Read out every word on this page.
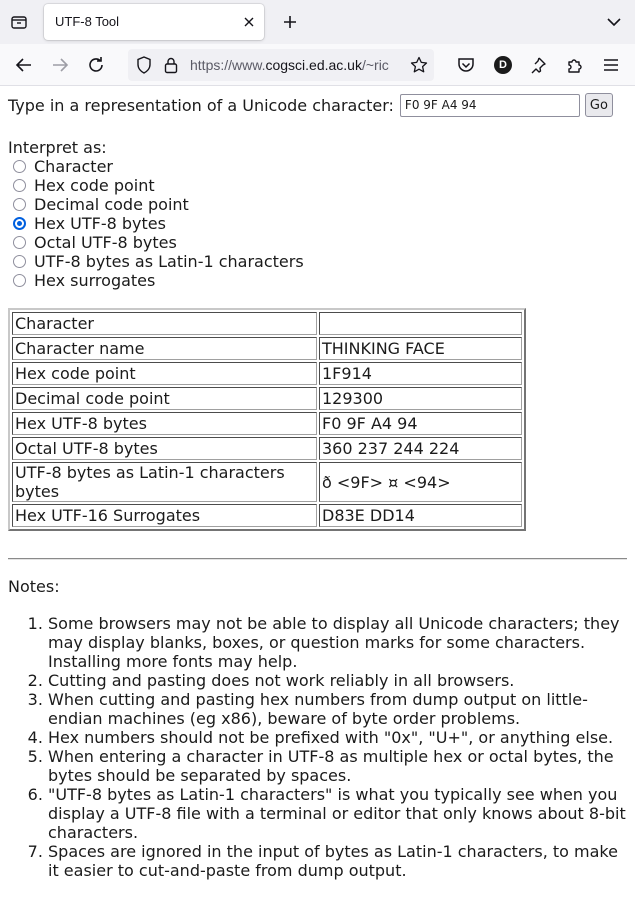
UTF-8 Tool
https://www.cogsci.ed.ac.uk/~ric	D
Type in a representation of a Unicode character:
F0 9F A4 94	Go
Interpret as:
Character
Hex code point
Decimal code point
Hex UTF-8 bytes
Octal UTF-8 bytes
UTF-8 bytes as Latin-1 characters
Hex surrogates
Character	
Character name	THINKING FACE
Hex code point	1F914
Decimal code point	129300
Hex UTF-8 bytes	F0 9F A4 94
Octal UTF-8 bytes	360 237 244 224
UTF-8 bytes as Latin-1 characters bytes	ð <9F> ¤ <94>
Hex UTF-16 Surrogates	D83E DD14
Notes:
1. Some browsers may not be able to display all Unicode characters; they may display blanks, boxes, or question marks for some characters. Installing more fonts may help.
2. Cutting and pasting does not work reliably in all browsers.
3. When cutting and pasting hex numbers from dump output on little-endian machines (eg x86), beware of byte order problems.
4. Hex numbers should not be prefixed with "0x", "U+", or anything else.
5. When entering a character in UTF-8 as multiple hex or octal bytes, the bytes should be separated by spaces.
6. "UTF-8 bytes as Latin-1 characters" is what you typically see when you display a UTF-8 file with a terminal or editor that only knows about 8-bit characters.
7. Spaces are ignored in the input of bytes as Latin-1 characters, to make it easier to cut-and-paste from dump output.
